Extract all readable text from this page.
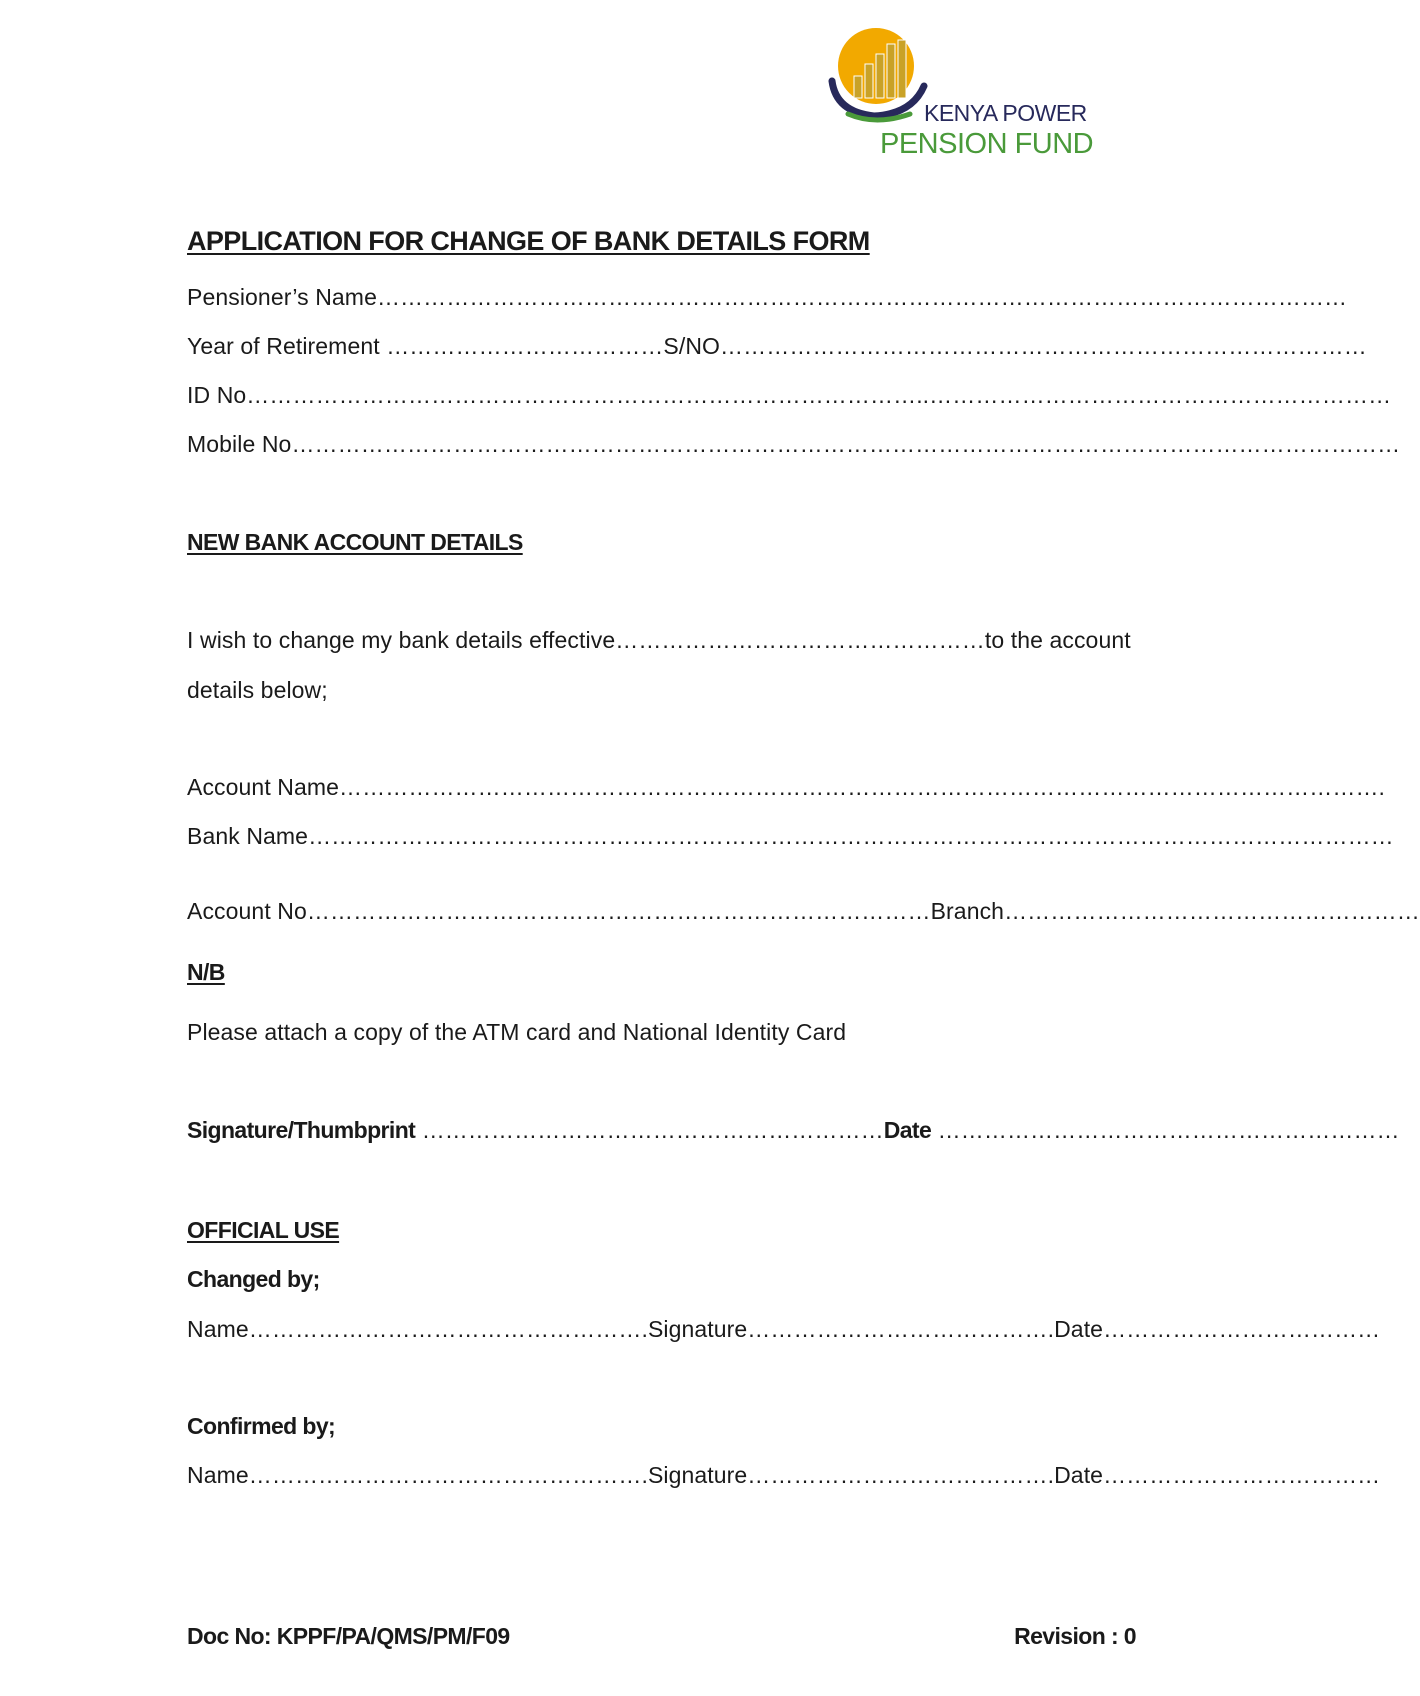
KENYA POWER
PENSION FUND
APPLICATION FOR CHANGE OF BANK DETAILS FORM
Pensioner’s Name………………………………………………………………………………………………………………
Year of Retirement ………………………………S/NO…………………………………………………………………………
ID No……………………………………………………………………………..……………………………………………………
Mobile No………………………………………………………………………………………………………………………………
NEW BANK ACCOUNT DETAILS
I wish to change my bank details effective…………………………………………to the account
details below;
Account Name……………………………………………………………………………………………………………………….
Bank Name……………………………………………………………………………………………………………………………
Account No………………………………………………………………………Branch………………………………………………
N/B
Please attach a copy of the ATM card and National Identity Card
Signature/Thumbprint ……………………………………………………Date ……………………………………………………
OFFICIAL USE
Changed by;
Name…………………………………………….Signature………………………………….Date………………………………
Confirmed by;
Name…………………………………………….Signature………………………………….Date………………………………
Doc No: KPPF/PA/QMS/PM/F09	Revision : 0
